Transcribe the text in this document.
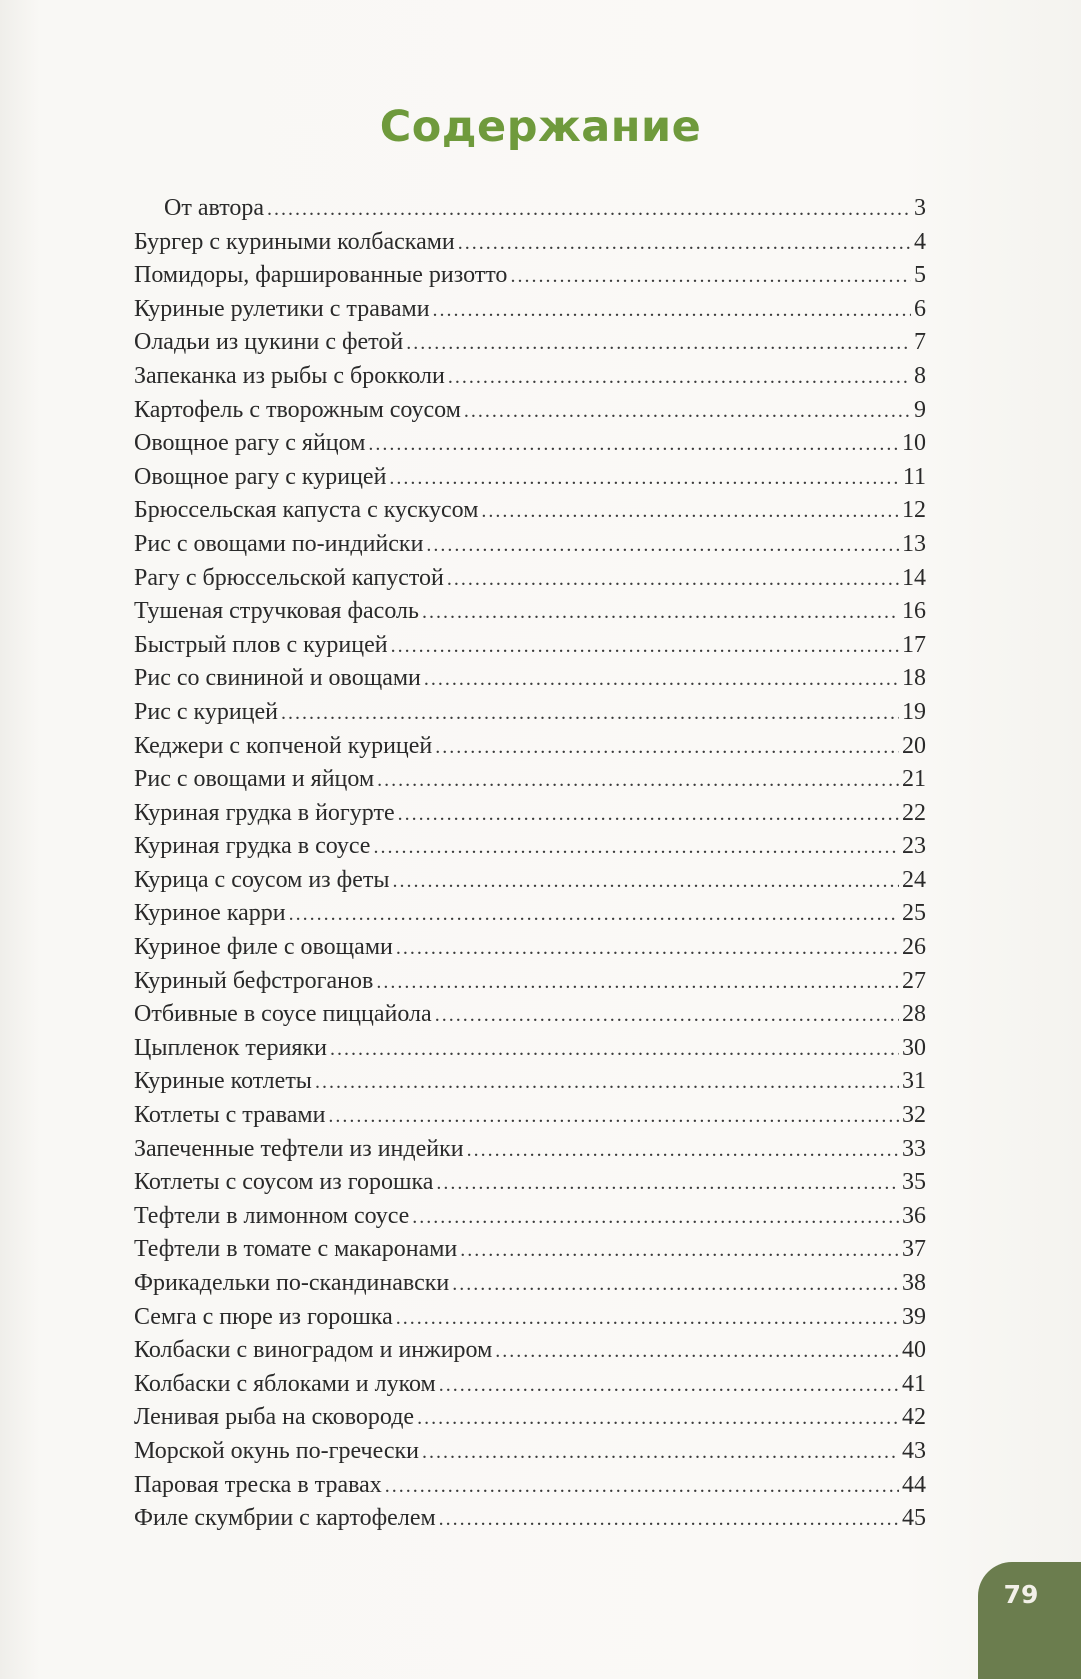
Содержание
От автора . . .	3
Бургер с куриными колбасками . . .	4
Помидоры, фаршированные ризотто . . .	5
Куриные рулетики с травами . . .	6
Оладьи из цукини с фетой . . .	7
Запеканка из рыбы с брокколи . . .	8
Картофель с творожным соусом . . .	9
Овощное рагу с яйцом . . .	10
Овощное рагу с курицей . . .	11
Брюссельская капуста с кускусом . . .	12
Рис с овощами по-индийски . . .	13
Рагу с брюссельской капустой . . .	14
Тушеная стручковая фасоль . . .	16
Быстрый плов с курицей . . .	17
Рис со свининой и овощами . . .	18
Рис с курицей . . .	19
Кеджери с копченой курицей . . .	20
Рис с овощами и яйцом . . .	21
Куриная грудка в йогурте . . .	22
Куриная грудка в соусе . . .	23
Курица с соусом из феты . . .	24
Куриное карри . . .	25
Куриное филе с овощами . . .	26
Куриный бефстроганов . . .	27
Отбивные в соусе пиццайола . . .	28
Цыпленок терияки . . .	30
Куриные котлеты . . .	31
Котлеты с травами . . .	32
Запеченные тефтели из индейки . . .	33
Котлеты с соусом из горошка . . .	35
Тефтели в лимонном соусе . . .	36
Тефтели в томате с макаронами . . .	37
Фрикадельки по-скандинавски . . .	38
Семга с пюре из горошка . . .	39
Колбаски с виноградом и инжиром . . .	40
Колбаски с яблоками и луком . . .	41
Ленивая рыба на сковороде . . .	42
Морской окунь по-гречески . . .	43
Паровая треска в травах . . .	44
Филе скумбрии с картофелем . . .	45
79
